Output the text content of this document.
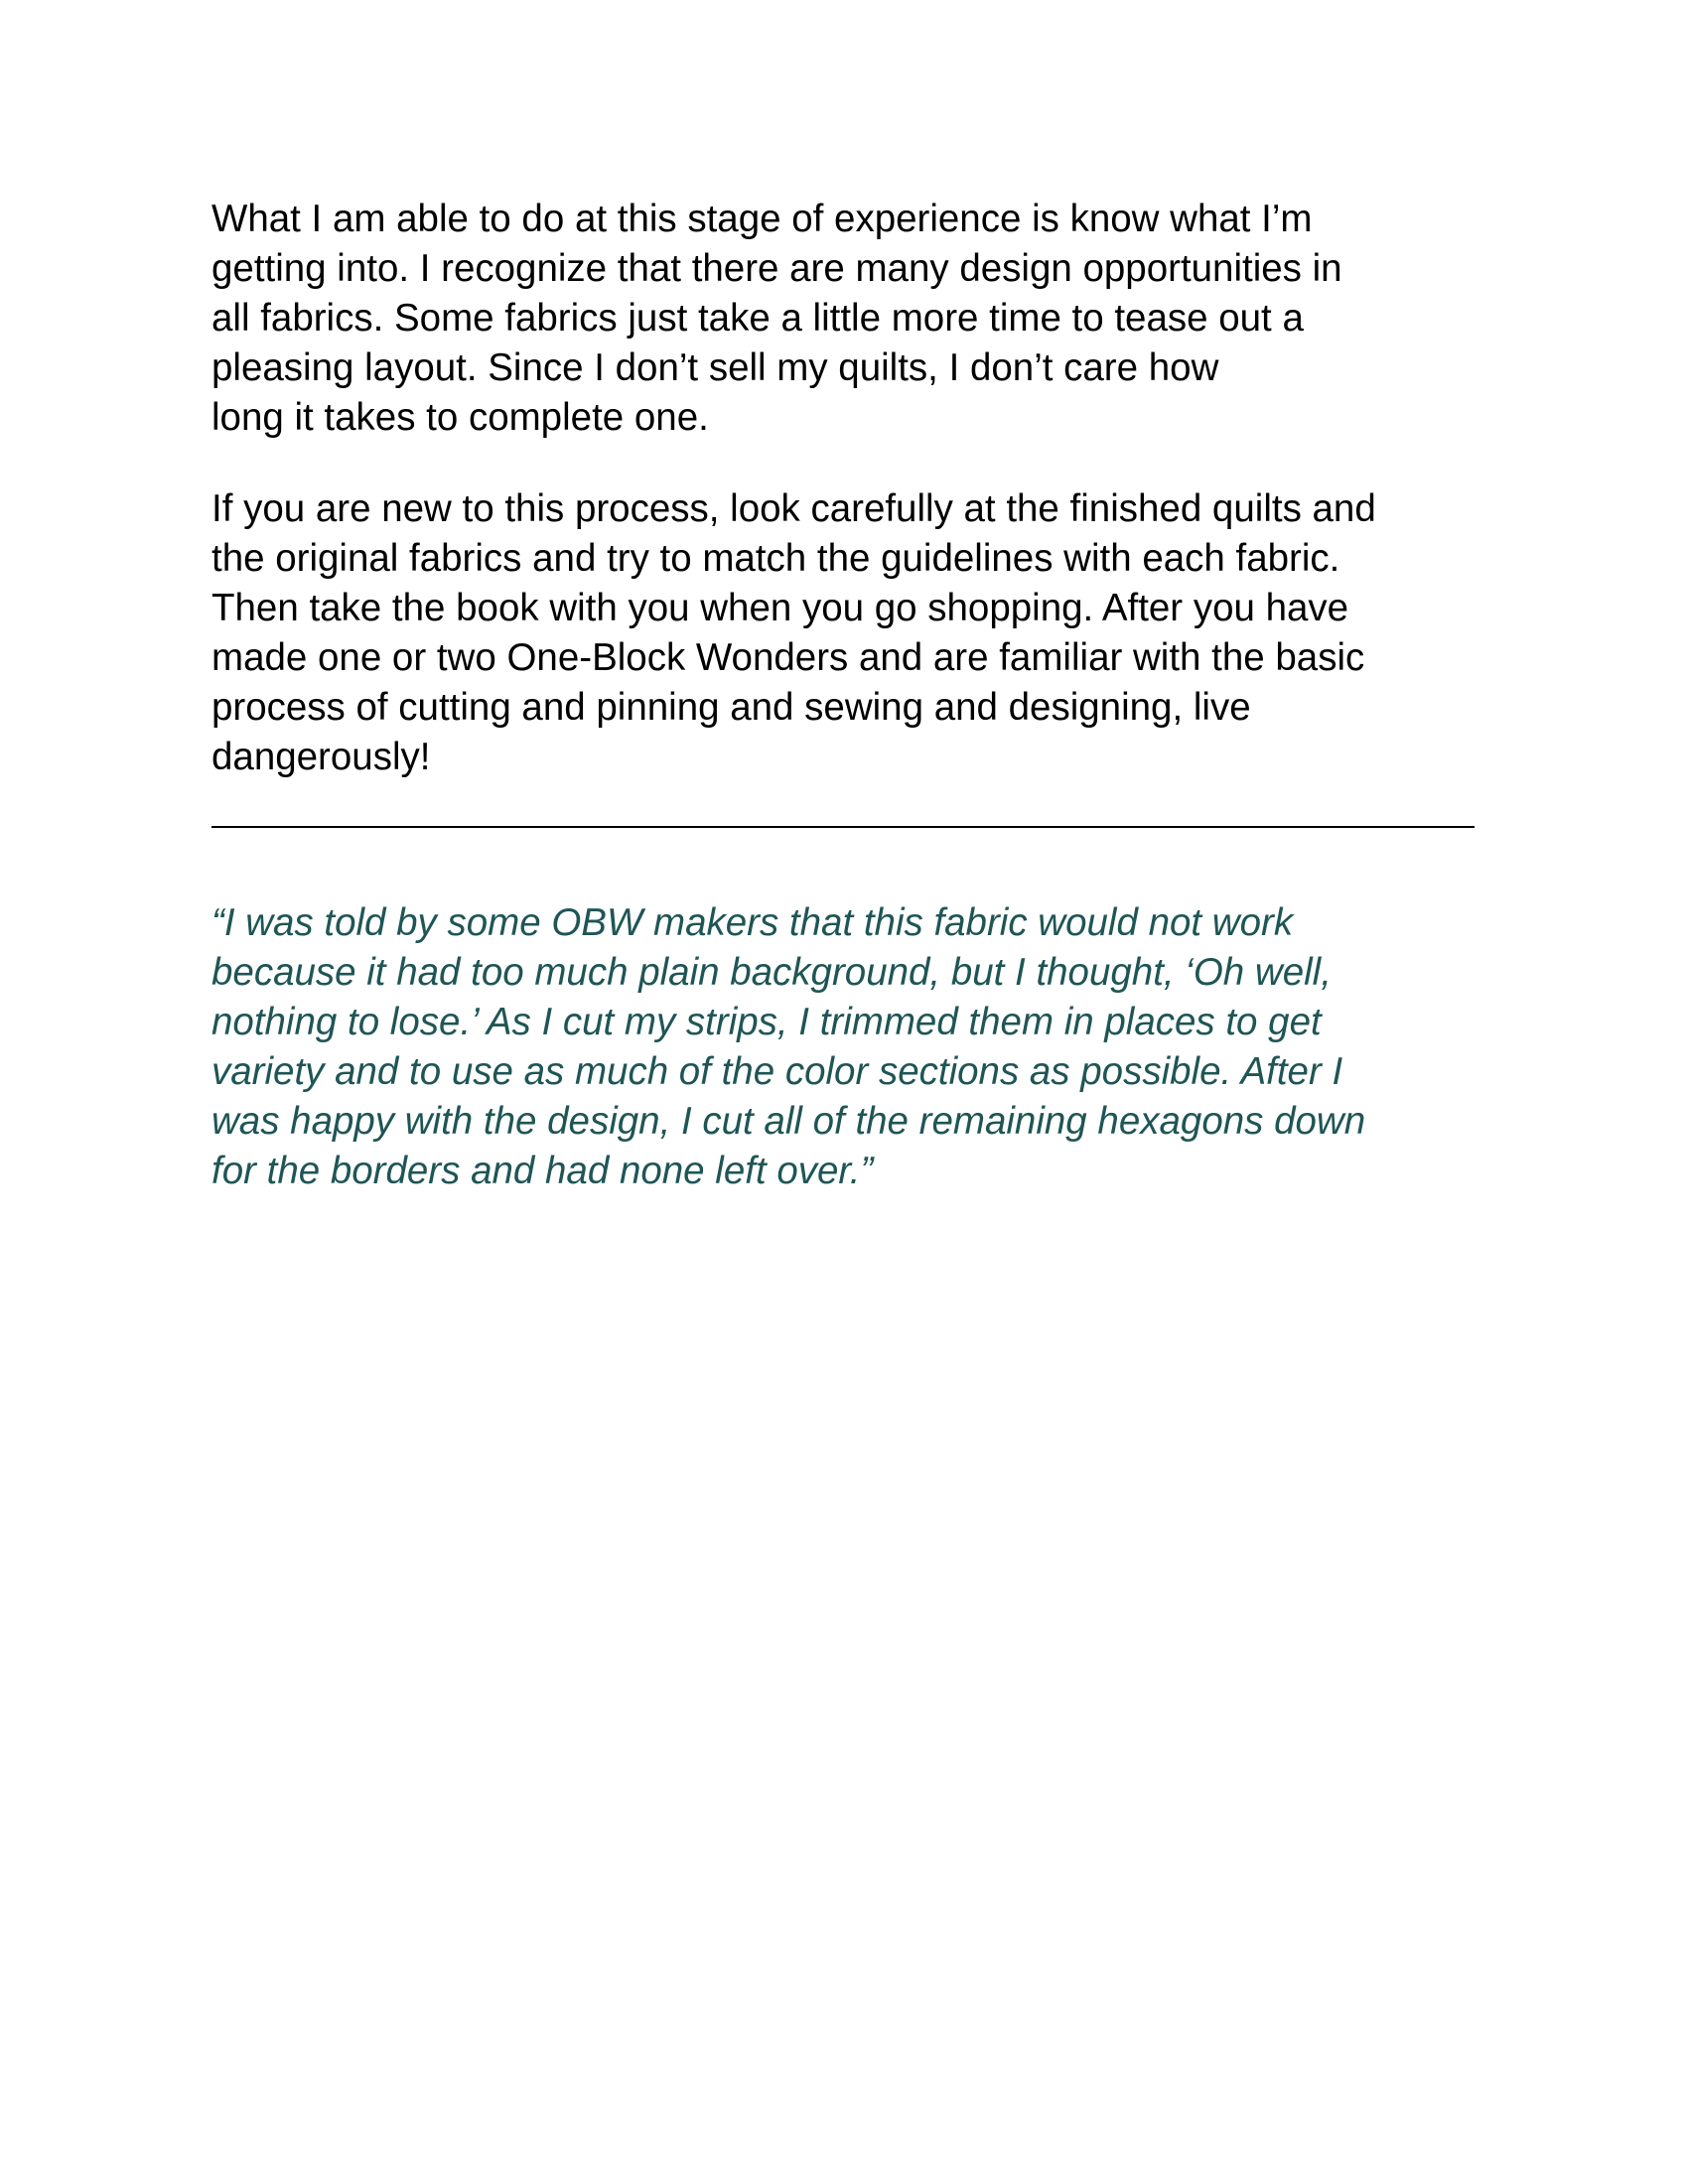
What I am able to do at this stage of experience is know what I’m
getting into. I recognize that there are many design opportunities in
all fabrics. Some fabrics just take a little more time to tease out a
pleasing layout. Since I don’t sell my quilts, I don’t care how
long it takes to complete one.

If you are new to this process, look carefully at the finished quilts and
the original fabrics and try to match the guidelines with each fabric.
Then take the book with you when you go shopping. After you have
made one or two One-Block Wonders and are familiar with the basic
process of cutting and pinning and sewing and designing, live
dangerously!

“I was told by some OBW makers that this fabric would not work
because it had too much plain background, but I thought, ‘Oh well,
nothing to lose.’ As I cut my strips, I trimmed them in places to get
variety and to use as much of the color sections as possible. After I
was happy with the design, I cut all of the remaining hexagons down
for the borders and had none left over.”
